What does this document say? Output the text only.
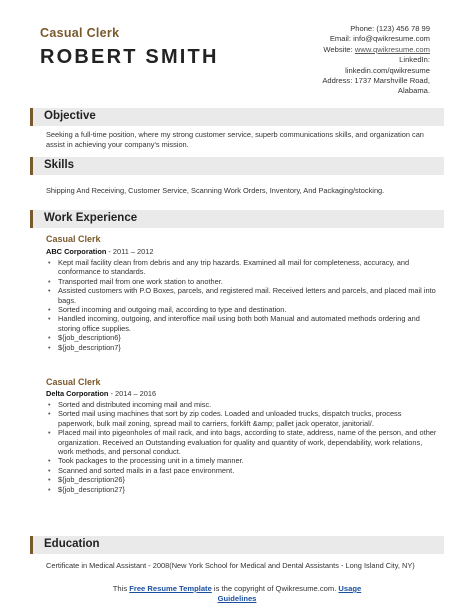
Casual Clerk
ROBERT SMITH
Phone: (123) 456 78 99
Email: info@qwikresume.com
Website: www.qwikresume.com
LinkedIn:
linkedin.com/qwikresume
Address: 1737 Marshville Road,
Alabama.
Objective
Seeking a full-time position, where my strong customer service, superb communications skills, and organization can assist in achieving your company's mission.
Skills
Shipping And Receiving, Customer Service, Scanning Work Orders, Inventory, And Packaging/stocking.
Work Experience
Casual Clerk
ABC Corporation - 2011 – 2012
• Kept mail facility clean from debris and any trip hazards. Examined all mail for completeness, accuracy, and conformance to standards.
• Transported mail from one work station to another.
• Assisted customers with P.O Boxes, parcels, and registered mail. Received letters and parcels, and placed mail into bags.
• Sorted incoming and outgoing mail, according to type and destination.
• Handled incoming, outgoing, and interoffice mail using both both Manual and automated methods ordering and storing office supplies.
• ${job_description6}
• ${job_description7}
Casual Clerk
Delta Corporation - 2014 – 2016
• Sorted and distributed incoming mail and misc.
• Sorted mail using machines that sort by zip codes. Loaded and unloaded trucks, dispatch trucks, process paperwork, bulk mail zoning, spread mail to carriers, forklift &amp; pallet jack operator, janitorial/.
• Placed mail into pigeonholes of mail rack, and into bags, according to state, address, name of the person, and other organization. Received an Outstanding evaluation for quality and quantity of work, dependability, work relations, work methods, and personal conduct.
• Took packages to the processing unit in a timely manner.
• Scanned and sorted mails in a fast pace environment.
• ${job_description26}
• ${job_description27}
Education
Certificate in Medical Assistant - 2008(New York School for Medical and Dental Assistants - Long Island City, NY)
This Free Resume Template is the copyright of Qwikresume.com. Usage
Guidelines
